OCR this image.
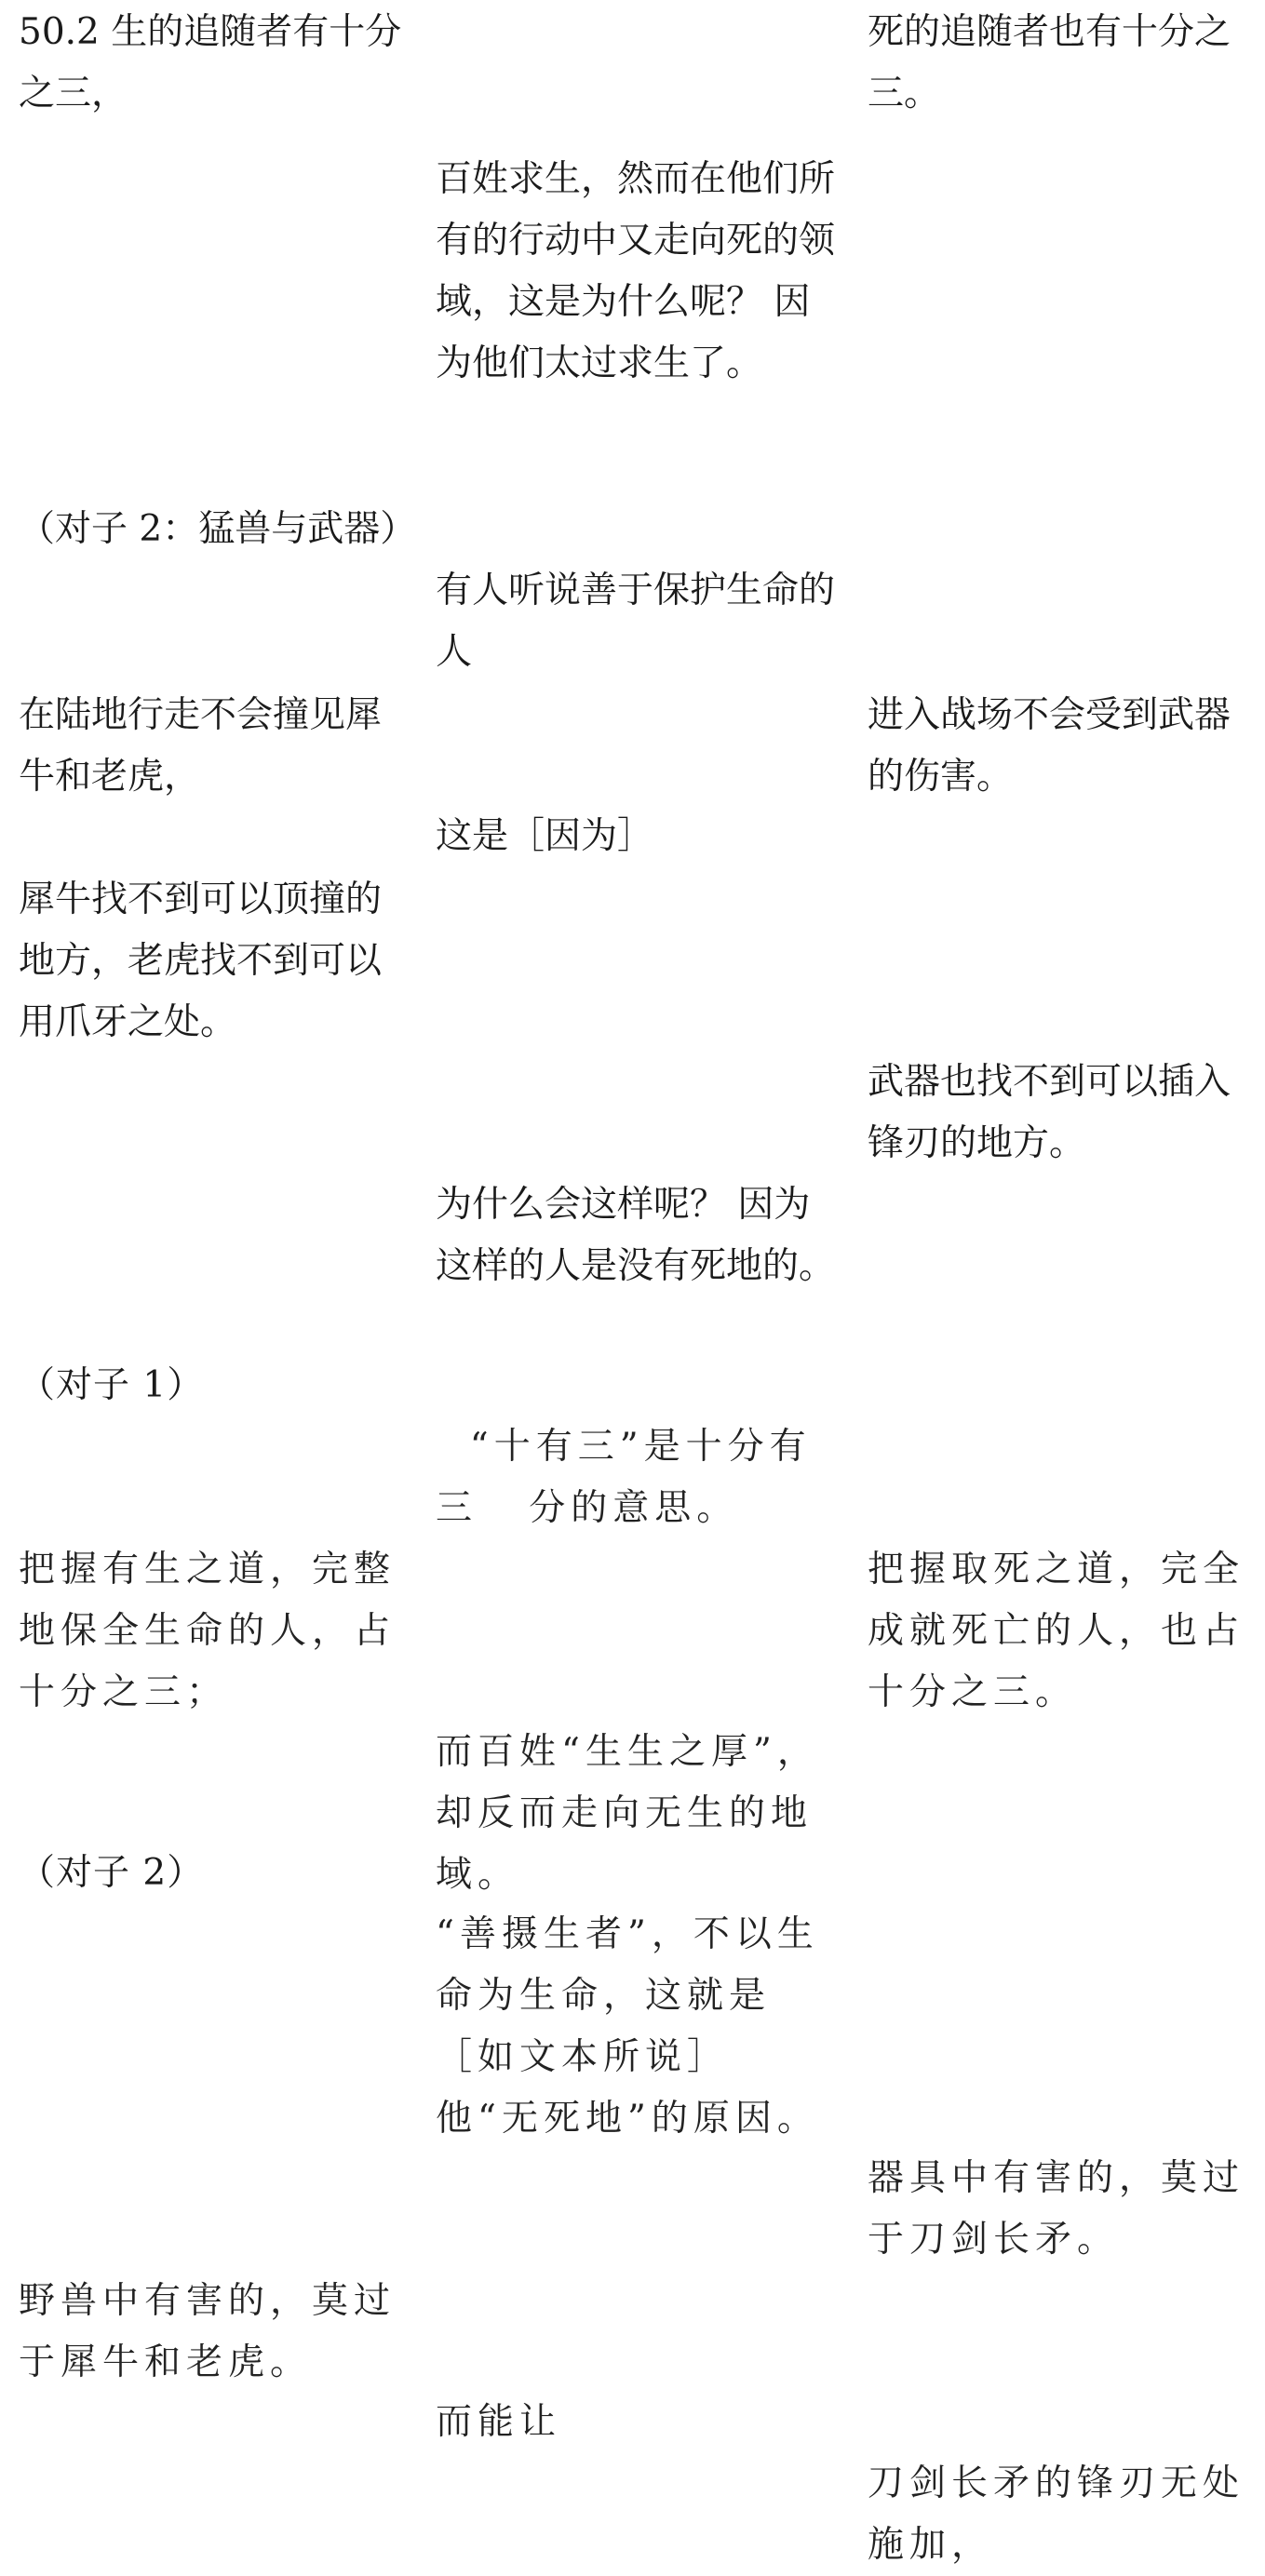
50.2 生的追随者有十分之三，

死的追随者也有十分之三。

百姓求生，然而在他们所有的行动中又走向死的领域，这是为什么呢？ 因为他们太过求生了。

（对子 2：猛兽与武器）

有人听说善于保护生命的人

在陆地行走不会撞见犀牛和老虎，

进入战场不会受到武器的伤害。

这是［因为］

犀牛找不到可以顶撞的地方，老虎找不到可以用爪牙之处。

武器也找不到可以插入锋刃的地方。

为什么会这样呢？ 因为这样的人是没有死地的。

（对子 1）

“十有三”是十分有三   分的意思。

把握有生之道，完整地保全生命的人，占十分之三；

把握取死之道，完全成就死亡的人，也占十分之三。

而百姓“生生之厚”，却反而走向无生的地域。

（对子 2）

“善摄生者”，不以生命为生命，这就是［如文本所说］他“无死地”的原因。

器具中有害的，莫过于刀剑长矛。

野兽中有害的，莫过于犀牛和老虎。

而能让

刀剑长矛的锋刃无处施加，
